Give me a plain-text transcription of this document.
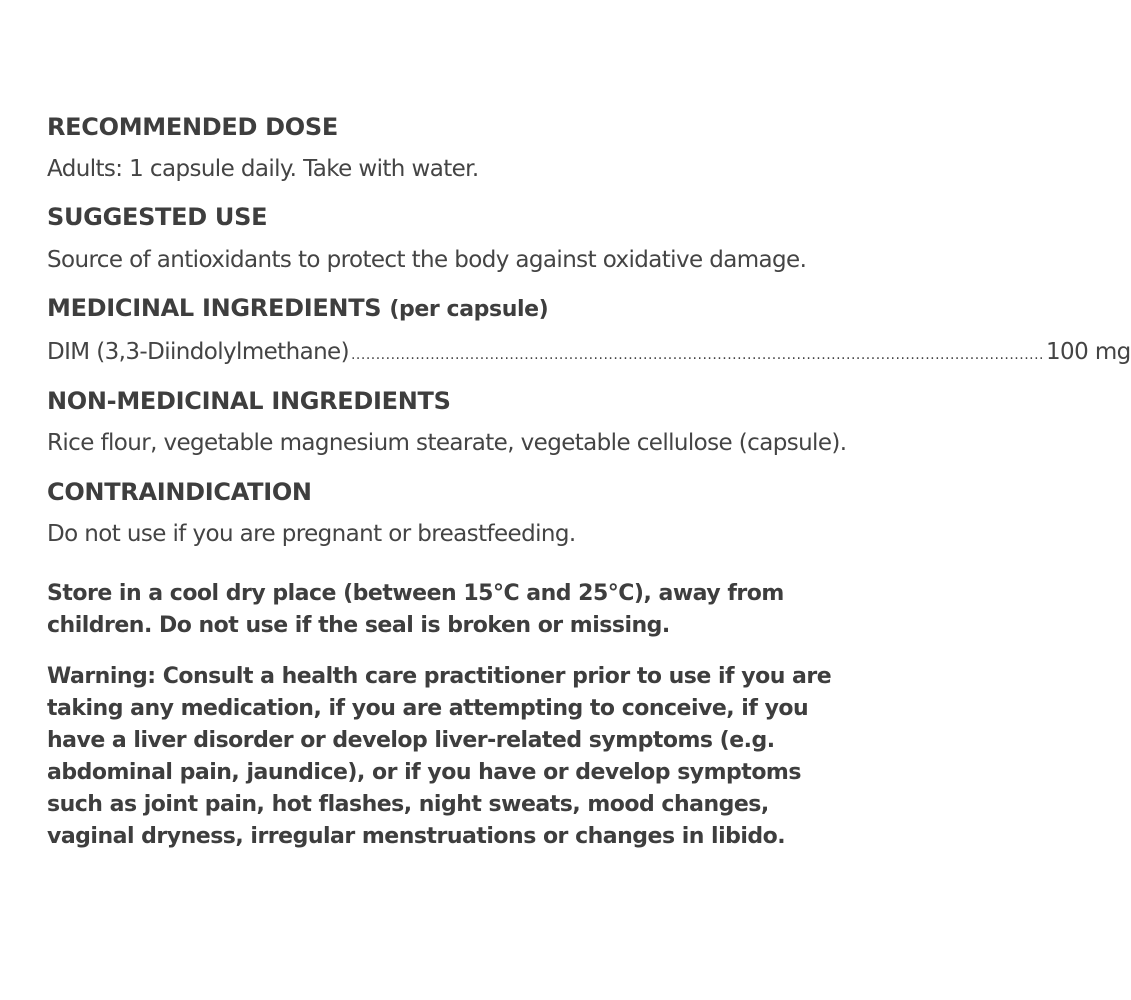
RECOMMENDED DOSE
Adults: 1 capsule daily. Take with water.
SUGGESTED USE
Source of antioxidants to protect the body against oxidative damage.
MEDICINAL INGREDIENTS (per capsule)
DIM (3,3-Diindolylmethane) ............................................................................................................................................ 100 mg
NON-MEDICINAL INGREDIENTS
Rice flour, vegetable magnesium stearate, vegetable cellulose (capsule).
CONTRAINDICATION
Do not use if you are pregnant or breastfeeding.
Store in a cool dry place (between 15°C and 25°C), away from
children. Do not use if the seal is broken or missing.
Warning: Consult a health care practitioner prior to use if you are
taking any medication, if you are attempting to conceive, if you
have a liver disorder or develop liver-related symptoms (e.g.
abdominal pain, jaundice), or if you have or develop symptoms
such as joint pain, hot flashes, night sweats, mood changes,
vaginal dryness, irregular menstruations or changes in libido.
